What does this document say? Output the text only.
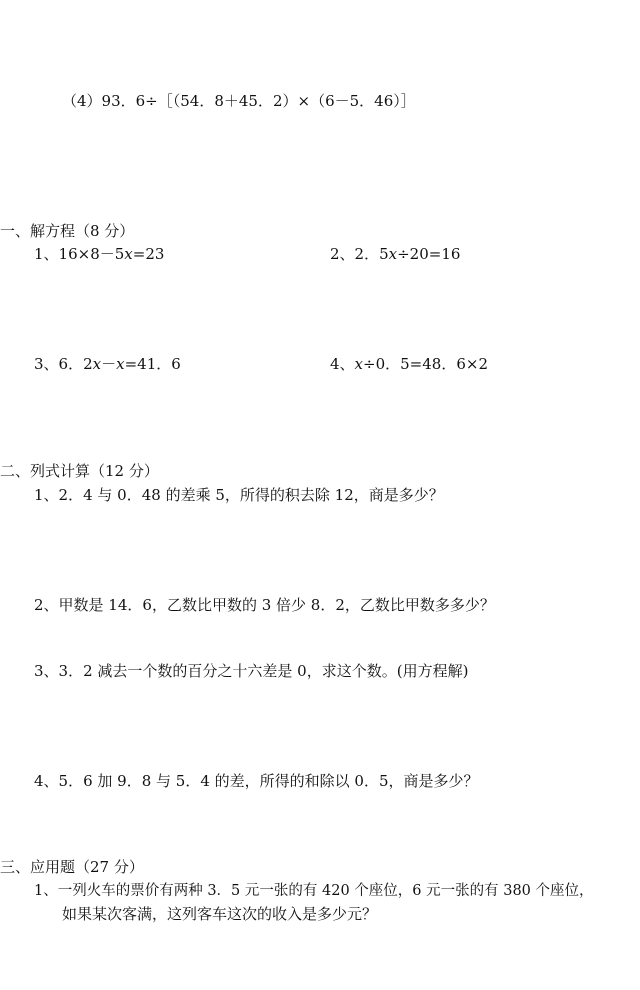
（4）93．6÷［（54．8＋45．2）×（6－5．46）］
一、解方程（8 分）
1、16×8－5x=23	2、2．5x÷20=16
3、6．2x－x=41．6	4、x÷0．5=48．6×2
二、列式计算（12 分）
1、2．4 与 0．48 的差乘 5，所得的积去除 12，商是多少？
2、甲数是 14．6，乙数比甲数的 3 倍少 8．2，乙数比甲数多多少？
3、3．2 减去一个数的百分之十六差是 0，求这个数。(用方程解)
4、5．6 加 9．8 与 5．4 的差，所得的和除以 0．5，商是多少？
三、应用题（27 分）
1、一列火车的票价有两种 3．5 元一张的有 420 个座位，6 元一张的有 380 个座位，
如果某次客满，这列客车这次的收入是多少元？
